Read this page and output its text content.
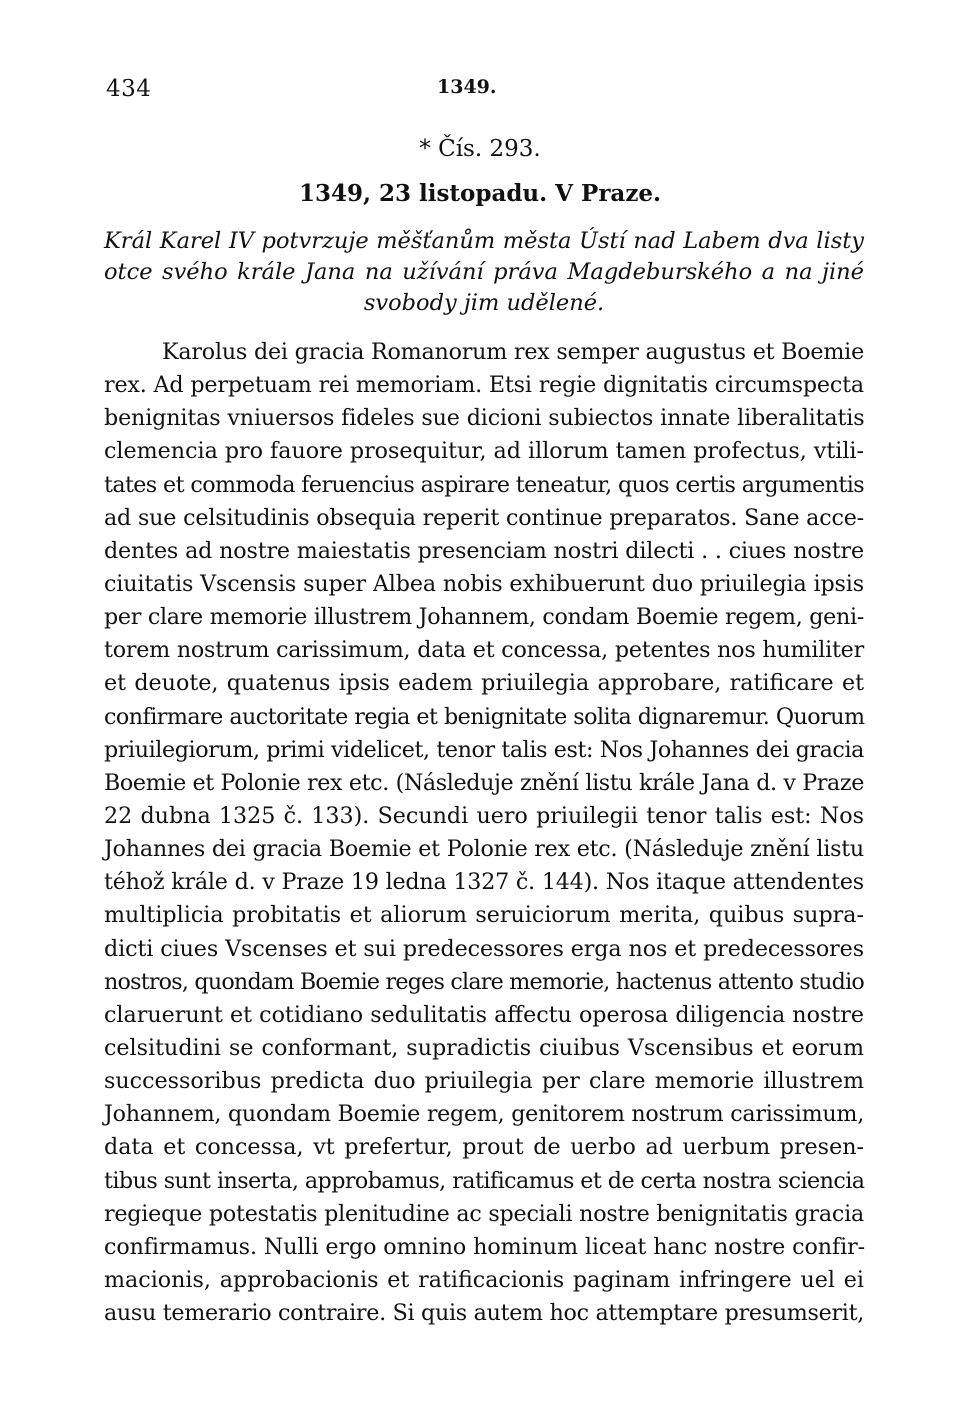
434	1349.
* Čís. 293.
1349, 23 listopadu. V Praze.
Král Karel IV potvrzuje měšťanům města Ústí nad Labem dva listy
otce svého krále Jana na užívání práva Magdeburského a na jiné
svobody jim udělené.
Karolus dei gracia Romanorum rex semper augustus et Boemie
rex. Ad perpetuam rei memoriam. Etsi regie dignitatis circumspecta
benignitas vniuersos fideles sue dicioni subiectos innate liberalitatis
clemencia pro fauore prosequitur, ad illorum tamen profectus, vtili-
tates et commoda feruencius aspirare teneatur, quos certis argumentis
ad sue celsitudinis obsequia reperit continue preparatos. Sane acce-
dentes ad nostre maiestatis presenciam nostri dilecti . . ciues nostre
ciuitatis Vscensis super Albea nobis exhibuerunt duo priuilegia ipsis
per clare memorie illustrem Johannem, condam Boemie regem, geni-
torem nostrum carissimum, data et concessa, petentes nos humiliter
et deuote, quatenus ipsis eadem priuilegia approbare, ratificare et
confirmare auctoritate regia et benignitate solita dignaremur. Quorum
priuilegiorum, primi videlicet, tenor talis est: Nos Johannes dei gracia
Boemie et Polonie rex etc. (Následuje znění listu krále Jana d. v Praze
22 dubna 1325 č. 133). Secundi uero priuilegii tenor talis est: Nos
Johannes dei gracia Boemie et Polonie rex etc. (Následuje znění listu
téhož krále d. v Praze 19 ledna 1327 č. 144). Nos itaque attendentes
multiplicia probitatis et aliorum seruiciorum merita, quibus supra-
dicti ciues Vscenses et sui predecessores erga nos et predecessores
nostros, quondam Boemie reges clare memorie, hactenus attento studio
claruerunt et cotidiano sedulitatis affectu operosa diligencia nostre
celsitudini se conformant, supradictis ciuibus Vscensibus et eorum
successoribus predicta duo priuilegia per clare memorie illustrem
Johannem, quondam Boemie regem, genitorem nostrum carissimum,
data et concessa, vt prefertur, prout de uerbo ad uerbum presen-
tibus sunt inserta, approbamus, ratificamus et de certa nostra sciencia
regieque potestatis plenitudine ac speciali nostre benignitatis gracia
confirmamus. Nulli ergo omnino hominum liceat hanc nostre confir-
macionis, approbacionis et ratificacionis paginam infringere uel ei
ausu temerario contraire. Si quis autem hoc attemptare presumserit,
